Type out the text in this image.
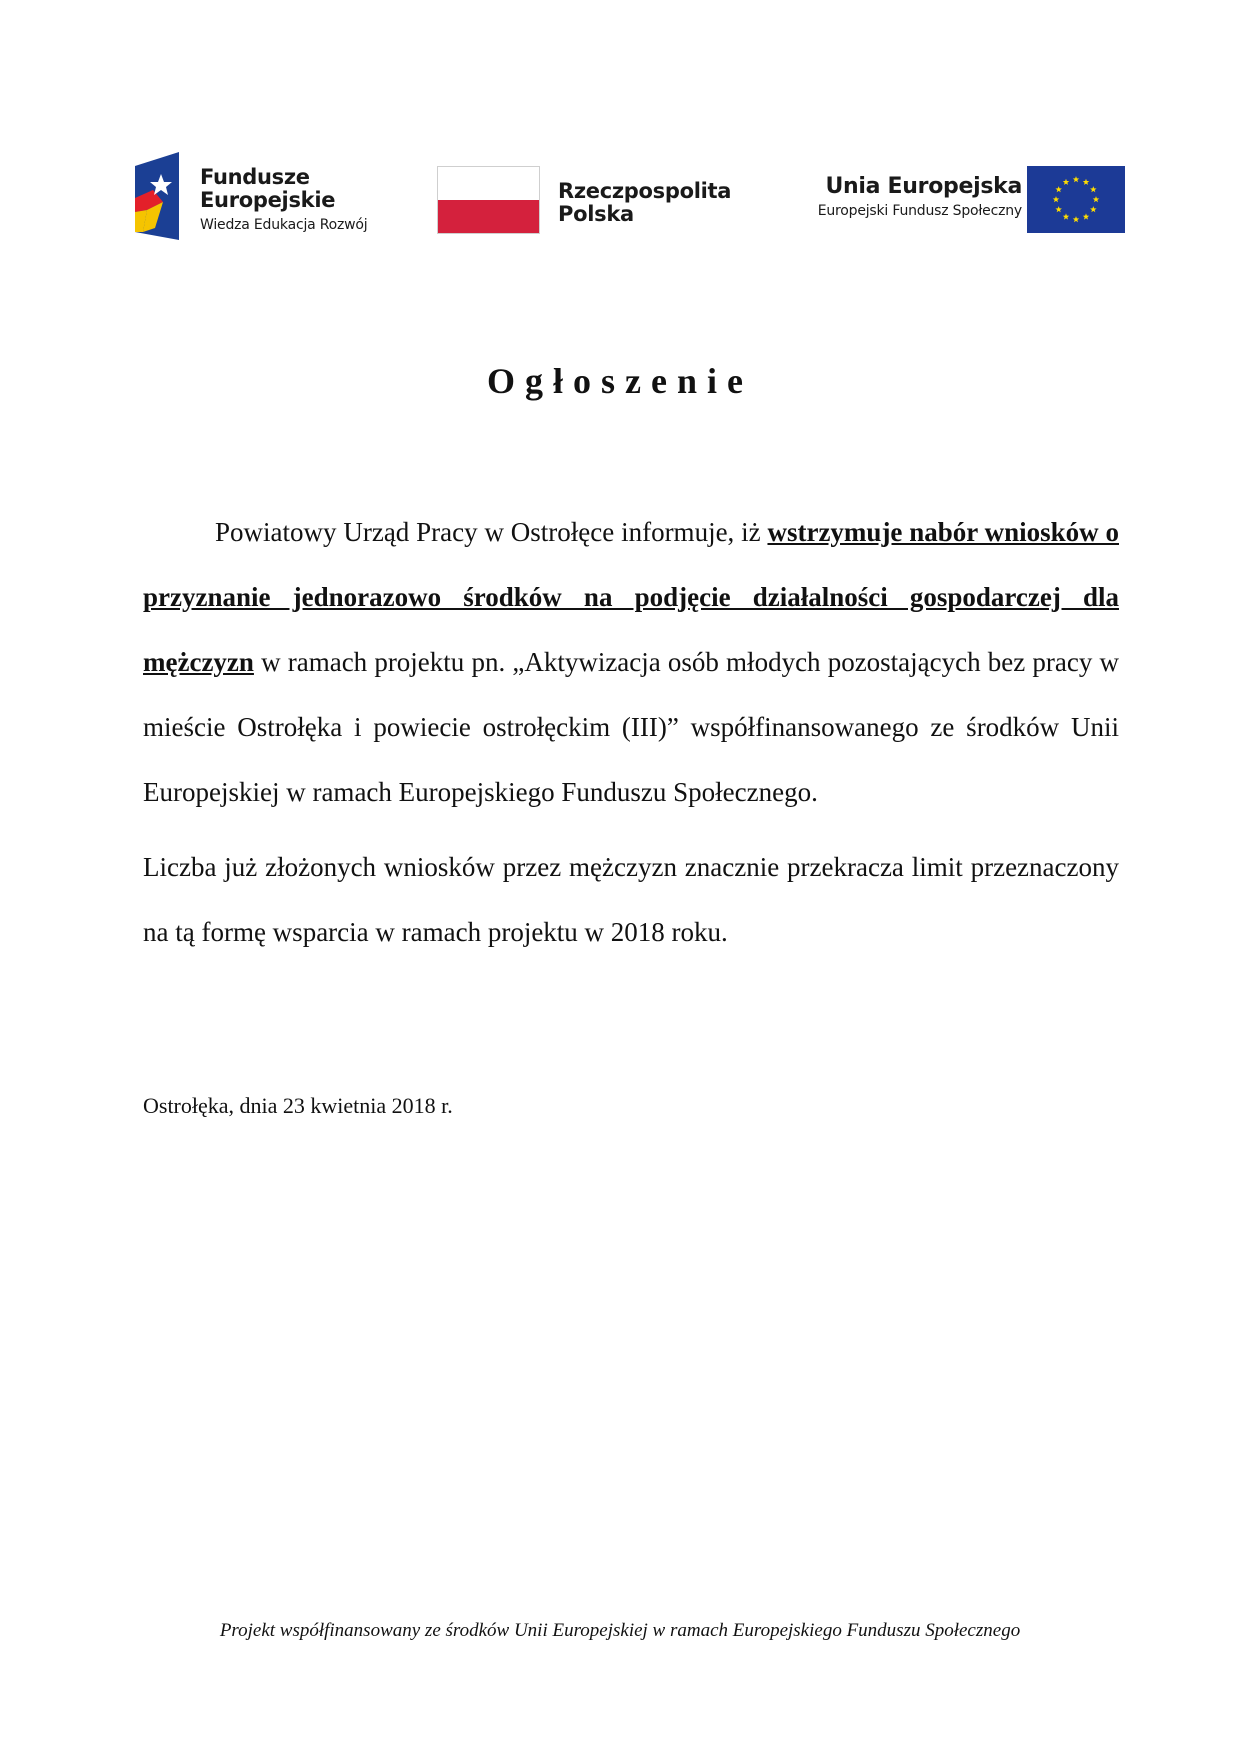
Fundusze
Europejskie
Wiedza Edukacja Rozwój
Rzeczpospolita
Polska
Unia Europejska
Europejski Fundusz Społeczny
Ogłoszenie

Powiatowy Urząd Pracy w Ostrołęce informuje, iż wstrzymuje nabór wniosków o przyznanie jednorazowo środków na podjęcie działalności gospodarczej dla mężczyzn w ramach projektu pn. „Aktywizacja osób młodych pozostających bez pracy w mieście Ostrołęka i powiecie ostrołęckim (III)” współfinansowanego ze środków Unii Europejskiej w ramach Europejskiego Funduszu Społecznego.

Liczba już złożonych wniosków przez mężczyzn znacznie przekracza limit przeznaczony na tą formę wsparcia w ramach projektu w 2018 roku.

Ostrołęka, dnia 23 kwietnia 2018 r.
Projekt współfinansowany ze środków Unii Europejskiej w ramach Europejskiego Funduszu Społecznego
